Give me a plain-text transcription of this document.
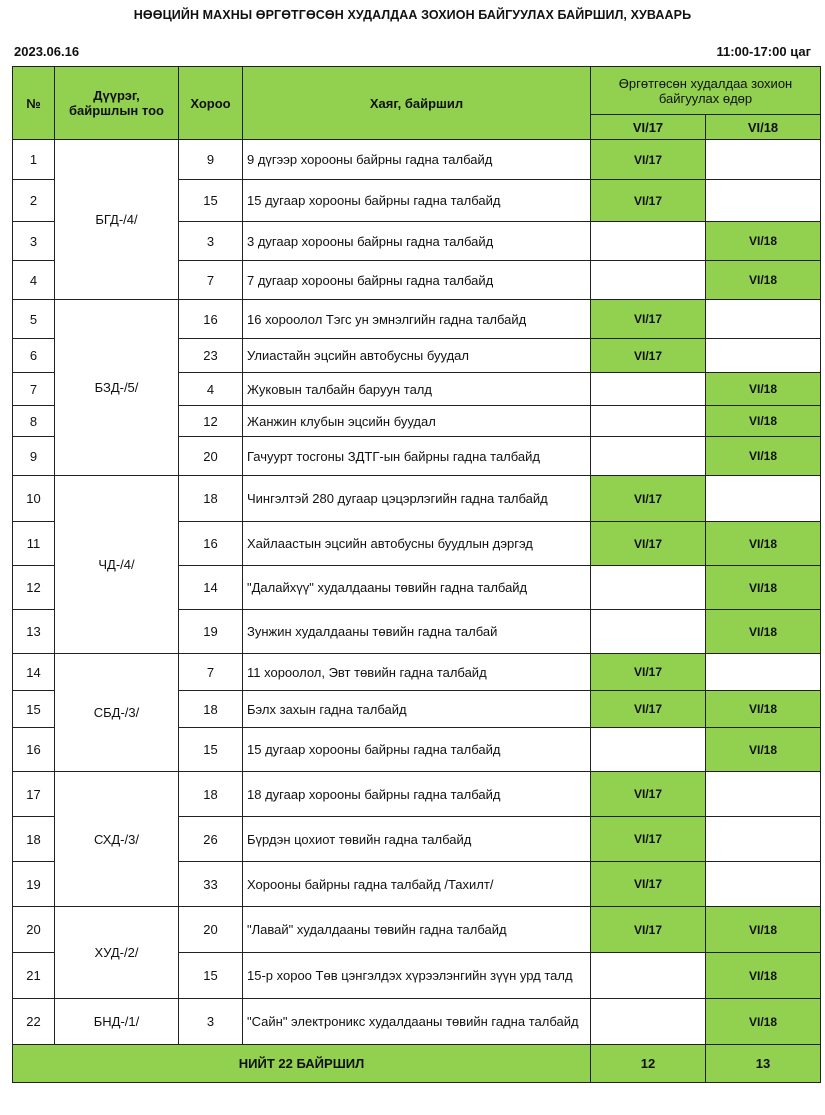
НӨӨЦИЙН МАХНЫ ӨРГӨТГӨСӨН ХУДАЛДАА ЗОХИОН БАЙГУУЛАХ БАЙРШИЛ, ХУВААРЬ
2023.06.16	11:00-17:00 цаг
№	Дүүрэг, байршлын тоо	Хороо	Хаяг, байршил	Өргөтгөсөн худалдаа зохион байгуулах өдөр	
				VI/17	VI/18
1	БГД-/4/	9	9 дүгээр хорооны байрны гадна талбайд	VI/17	
2		15	15 дугаар хорооны байрны гадна талбайд	VI/17	
3		3	3 дугаар хорооны байрны гадна талбайд		VI/18
4		7	7 дугаар хорооны байрны гадна талбайд		VI/18
5	БЗД-/5/	16	16 хороолол Тэгс ун эмнэлгийн гадна талбайд	VI/17	
6		23	Улиастайн эцсийн автобусны буудал	VI/17	
7		4	Жуковын талбайн баруун талд		VI/18
8		12	Жанжин клубын эцсийн буудал		VI/18
9		20	Гачуурт тосгоны ЗДТГ-ын байрны гадна талбайд		VI/18
10	ЧД-/4/	18	Чингэлтэй 280 дугаар цэцэрлэгийн гадна талбайд	VI/17	
11		16	Хайлаастын эцсийн автобусны буудлын дэргэд	VI/17	VI/18
12		14	"Далайхүү" худалдааны төвийн гадна талбайд		VI/18
13		19	Зунжин худалдааны төвийн гадна талбай		VI/18
14	СБД-/3/	7	11 хороолол, Эвт төвийн гадна талбайд	VI/17	
15		18	Бэлх захын гадна талбайд	VI/17	VI/18
16		15	15 дугаар хорооны байрны гадна талбайд		VI/18
17	СХД-/3/	18	18 дугаар хорооны байрны гадна талбайд	VI/17	
18		26	Бүрдэн цохиот төвийн гадна талбайд	VI/17	
19		33	Хорооны байрны гадна талбайд /Тахилт/	VI/17	
20	ХУД-/2/	20	"Лавай" худалдааны төвийн гадна талбайд	VI/17	VI/18
21		15	15-р хороо Төв цэнгэлдэх хүрээлэнгийн зүүн урд талд		VI/18
22	БНД-/1/	3	"Сайн" электроникс худалдааны төвийн гадна талбайд		VI/18
НИЙТ 22 БАЙРШИЛ				12	13
